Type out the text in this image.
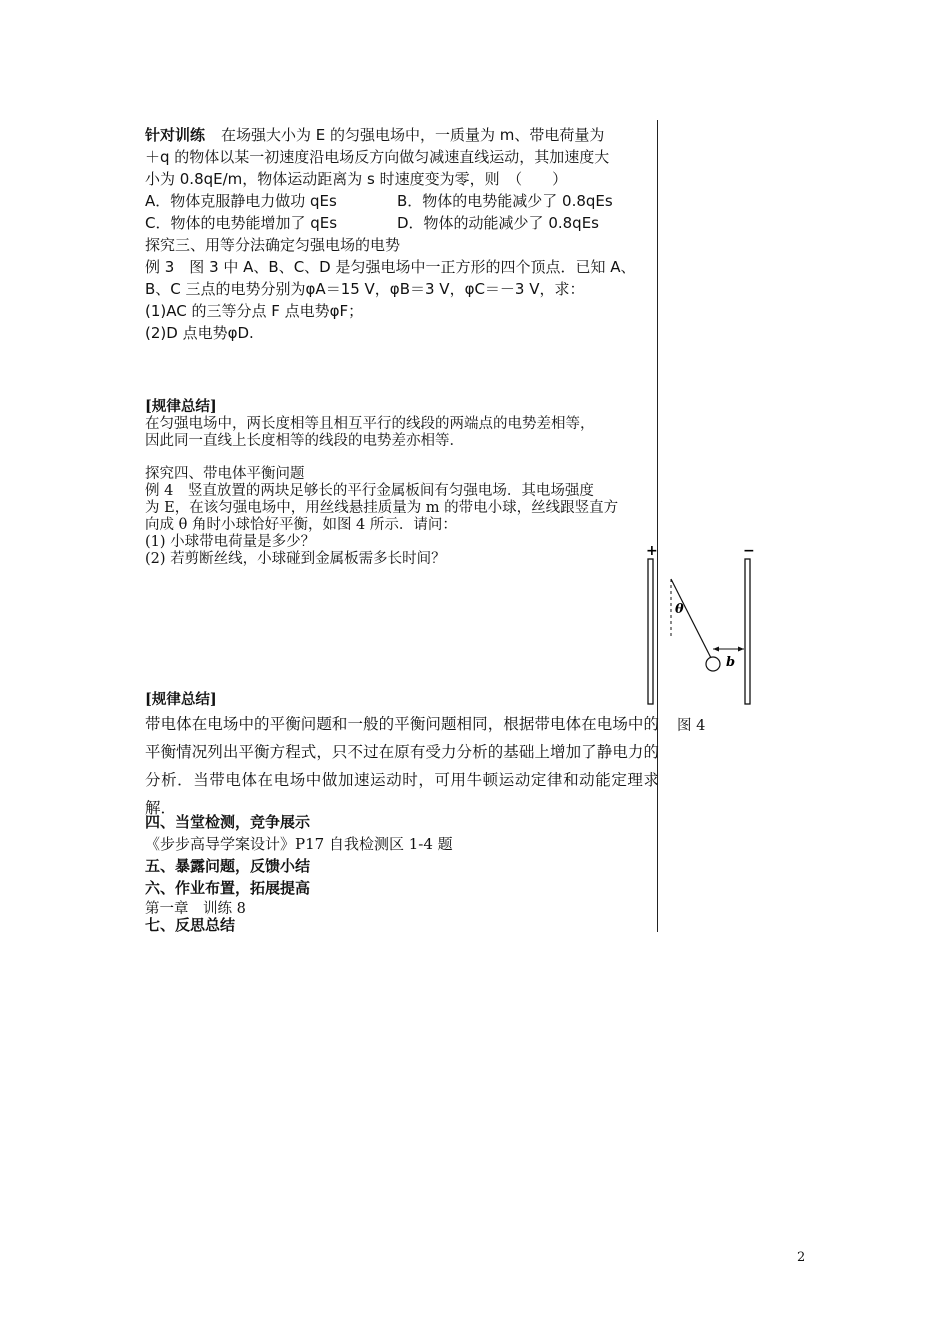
针对训练 在场强大小为 E 的匀强电场中，一质量为 m、带电荷量为
＋q 的物体以某一初速度沿电场反方向做匀减速直线运动，其加速度大
小为 0.8qE/m，物体运动距离为 s 时速度变为零，则　（　　）
A．物体克服静电力做功 qEs	B．物体的电势能减少了 0.8qEs
C．物体的电势能增加了 qEs	D．物体的动能减少了 0.8qEs
探究三、用等分法确定匀强电场的电势
例 3　图 3 中 A、B、C、D 是匀强电场中一正方形的四个顶点．已知 A、
B、C 三点的电势分别为φA＝15 V，φB＝3 V，φC＝－3 V，求：
(1)AC 的三等分点 F 点电势φF；
(2)D 点电势φD.
[规律总结]
在匀强电场中，两长度相等且相互平行的线段的两端点的电势差相等，
因此同一直线上长度相等的线段的电势差亦相等．
探究四、带电体平衡问题
例 4　竖直放置的两块足够长的平行金属板间有匀强电场．其电场强度
为 E，在该匀强电场中，用丝线悬挂质量为 m 的带电小球，丝线跟竖直方
向成 θ 角时小球恰好平衡，如图 4 所示．请问：
(1) 小球带电荷量是多少？
(2) 若剪断丝线，小球碰到金属板需多长时间？	+	−
θ
b
图 4
[规律总结]
带电体在电场中的平衡问题和一般的平衡问题相同，根据带电体在电场中的平衡情况列出平衡方程式，只不过在原有受力分析的基础上增加了静电力的分析．当带电体在电场中做加速运动时，可用牛顿运动定律和动能定理求解．
四、当堂检测，竞争展示
《步步高导学案设计》P17 自我检测区 1-4 题
五、暴露问题，反馈小结
六、作业布置，拓展提高
第一章　训练 8
七、反思总结
2
